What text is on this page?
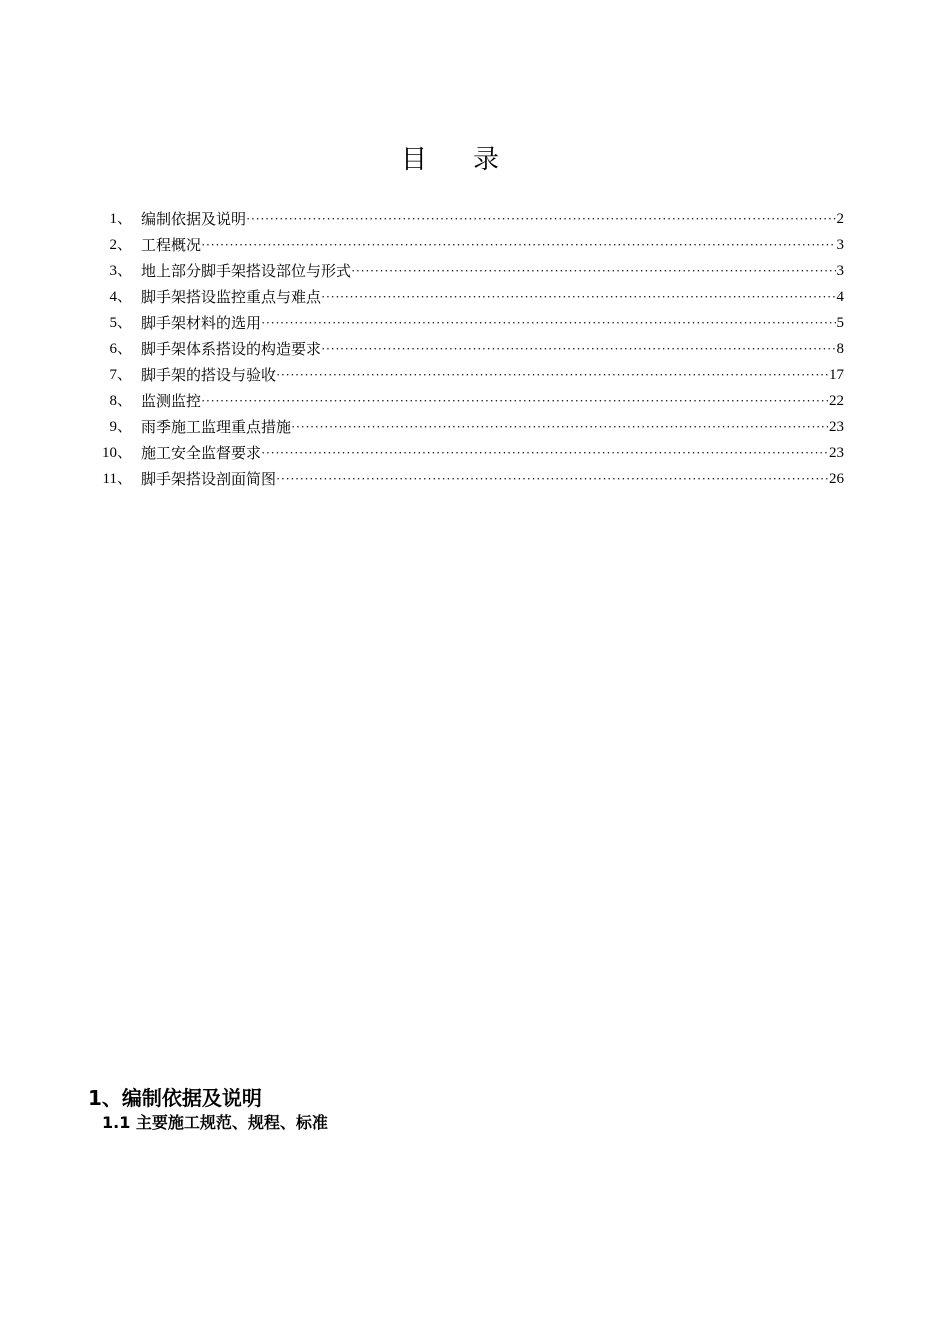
目 录
1、 编制依据及说明 ·····	2
2、 工程概况 ·····	3
3、 地上部分脚手架搭设部位与形式 ·····	3
4、 脚手架搭设监控重点与难点 ·····	4
5、 脚手架材料的选用 ·····	5
6、 脚手架体系搭设的构造要求 ·····	8
7、 脚手架的搭设与验收 ·····	17
8、 监测监控 ·····	22
9、 雨季施工监理重点措施 ·····	23
10、 施工安全监督要求 ·····	23
11、 脚手架搭设剖面简图 ·····	26
1、编制依据及说明
1.1 主要施工规范、规程、标准
